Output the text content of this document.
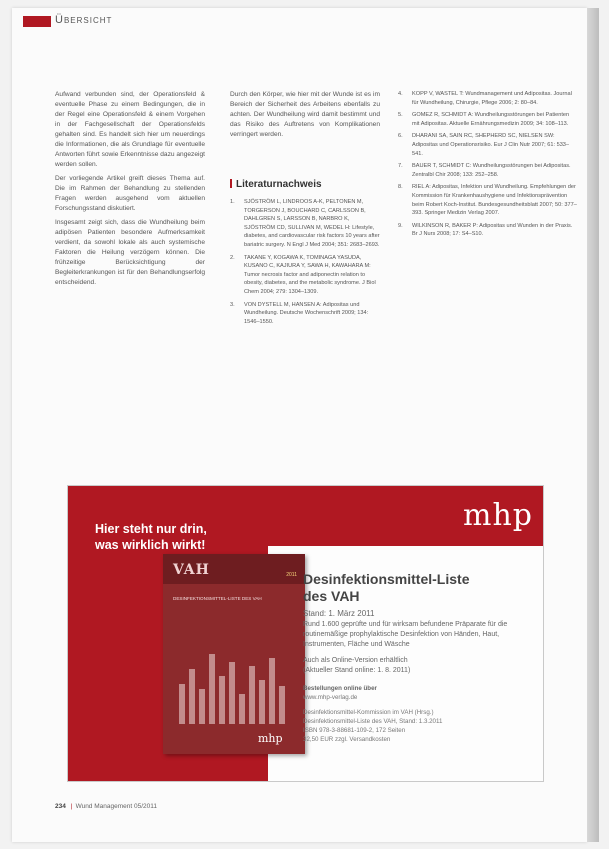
Übersicht

Aufwand verbunden sind, der Operationsfeld & eventuelle Phase zu einem Bedingungen, die in der Regel eine Operationsfeld & einem Vorgehen in der Fachgesellschaft der Operationsfelds gehalten sind. Es handelt sich hier um neuerdings die Informationen, die als Grundlage für eventuelle Antworten führt sowie Erkenntnisse dazu angezeigt werden sollen.

Der vorliegende Artikel greift dieses Thema auf. Die im Rahmen der Behandlung zu stellenden Fragen werden ausgehend vom aktuellen Forschungsstand diskutiert.

Insgesamt zeigt sich, dass die Wundheilung beim adipösen Patienten besondere Aufmerksamkeit verdient, da sowohl lokale als auch systemische Faktoren die Heilung verzögern können. Die frühzeitige Berücksichtigung der Begleiterkrankungen ist für den Behandlungserfolg entscheidend.

Durch den Körper, wie hier mit der Wunde ist es im Bereich der Sicherheit des Arbeitens ebenfalls zu achten. Der Wundheilung wird damit bestimmt und das Risiko des Auftretens von Komplikationen verringert werden.

Literaturnachweis
1. SJÖSTRÖM L, LINDROOS A-K, PELTONEN M, TORGERSON J, BOUCHARD C, CARLSSON B, DAHLGREN S, LARSSON B, NARBRO K, SJÖSTRÖM CD, SULLIVAN M, WEDEL H: Lifestyle, diabetes, and cardiovascular risk factors 10 years after bariatric surgery. N Engl J Med 2004; 351: 2683–2693.
2. TAKANE Y, KOGAWA K, TOMINAGA YASUDA, KUSANO C, KAJIURA Y, SAWA H, KAWAHARA M: Tumor necrosis factor and adiponectin relation to obesity, diabetes, and the metabolic syndrome. J Biol Chem 2004; 279: 1304–1309.
3. VON DYSTELL M, HANSEN A: Adipositas und Wundheilung. Deutsche Wochenschrift 2009; 134: 1546–1550.
4. KOPP V, WASTEL T: Wundmanagement und Adipositas. Journal für Wundheilung, Chirurgie, Pflege 2006; 2: 80–84.
5. GOMEZ R, SCHMIDT A: Wundheilungsstörungen bei Patienten mit Adipositas. Aktuelle Ernährungsmedizin 2009; 34: 108–113.
6. DHARANI SA, SAIN RC, SHEPHERD SC, NIELSEN SW: Adipositas und Operationsrisiko. Eur J Clin Nutr 2007; 61: 533–541.
7. BAUER T, SCHMIDT C: Wundheilungsstörungen bei Adipositas. Zentralbl Chir 2008; 133: 252–258.
8. RIEL A: Adipositas, Infektion und Wundheilung. Empfehlungen der Kommission für Krankenhaushygiene und Infektionsprävention beim Robert Koch-Institut. Bundesgesundheitsblatt 2007; 50: 377–393. Springer Medizin Verlag 2007.
9. WILKINSON R, BAKER P: Adipositas und Wunden in der Praxis. Br J Nurs 2008; 17: S4–S10.
Hier steht nur drin,
was wirklich wirkt!
mhp
VAH	2011
DESINFEKTIONSMITTEL-LISTE DES VAH
mhp

Desinfektionsmittel-Liste
des VAH

Stand: 1. März 2011

Rund 1.600 geprüfte und für wirksam befundene Präparate für die routinemäßige prophylaktische Desinfektion von Händen, Haut, Instrumenten, Fläche und Wäsche

Auch als Online-Version erhältlich
(Aktueller Stand online: 1. 8. 2011)

Bestellungen online über
www.mhp-verlag.de

Desinfektionsmittel-Kommission im VAH (Hrsg.)
Desinfektionsmittel-Liste des VAH, Stand: 1.3.2011
ISBN 978-3-88681-109-2, 172 Seiten
32,50 EUR zzgl. Versandkosten

234 | Wund Management 05/2011
